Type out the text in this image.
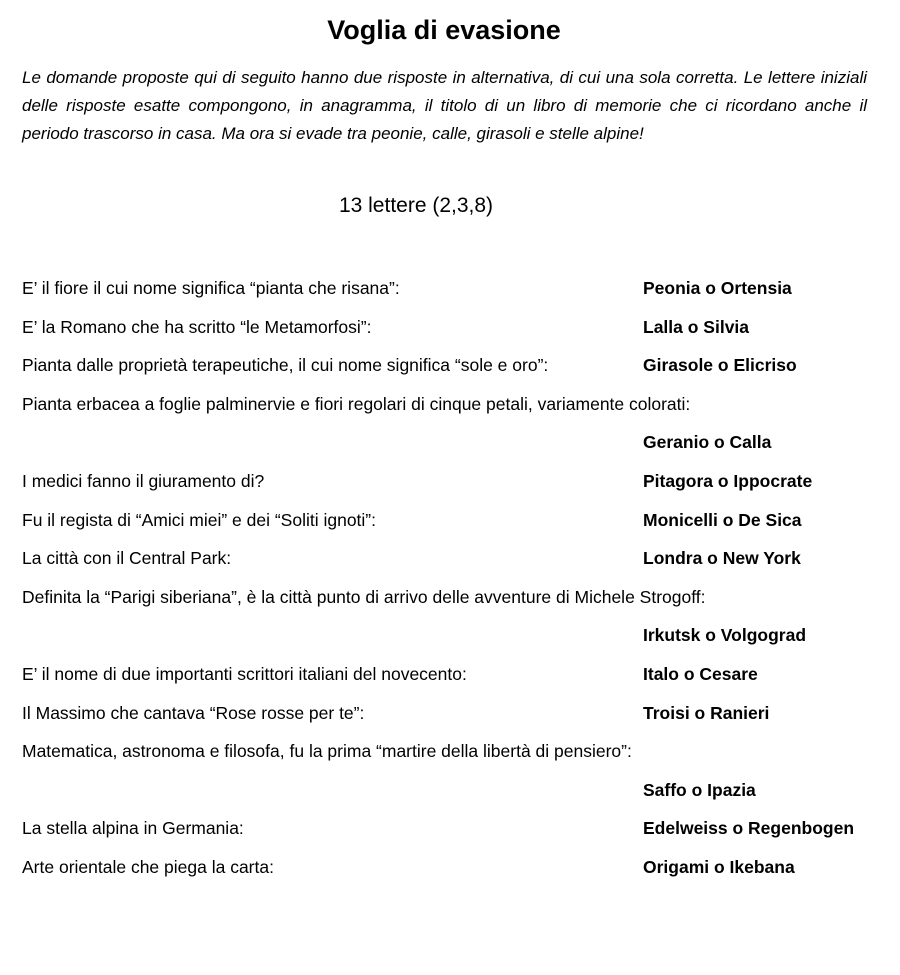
Voglia di evasione

Le domande proposte qui di seguito hanno due risposte in alternativa, di cui una sola corretta. Le lettere iniziali delle risposte esatte compongono, in anagramma, il titolo di un libro di memorie che ci ricordano anche il periodo trascorso in casa. Ma ora si evade tra peonie, calle, girasoli e stelle alpine!

13 lettere (2,3,8)
E’ il fiore il cui nome significa “pianta che risana”:	Peonia o Ortensia
E’ la Romano che ha scritto “le Metamorfosi”:	Lalla o Silvia
Pianta dalle proprietà terapeutiche, il cui nome significa “sole e oro”:	Girasole o Elicriso
Pianta erbacea a foglie palminervie e fiori regolari di cinque petali, variamente colorati:
Geranio o Calla
I medici fanno il giuramento di?	Pitagora o Ippocrate
Fu il regista di “Amici miei” e dei “Soliti ignoti”:	Monicelli o De Sica
La città con il Central Park:	Londra o New York
Definita la “Parigi siberiana”, è la città punto di arrivo delle avventure di Michele Strogoff:
Irkutsk o Volgograd
E’ il nome di due importanti scrittori italiani del novecento:	Italo o Cesare
Il Massimo che cantava “Rose rosse per te”:	Troisi o Ranieri
Matematica, astronoma e filosofa, fu la prima “martire della libertà di pensiero”:
Saffo o Ipazia
La stella alpina in Germania:	Edelweiss o Regenbogen
Arte orientale che piega la carta:	Origami o Ikebana
